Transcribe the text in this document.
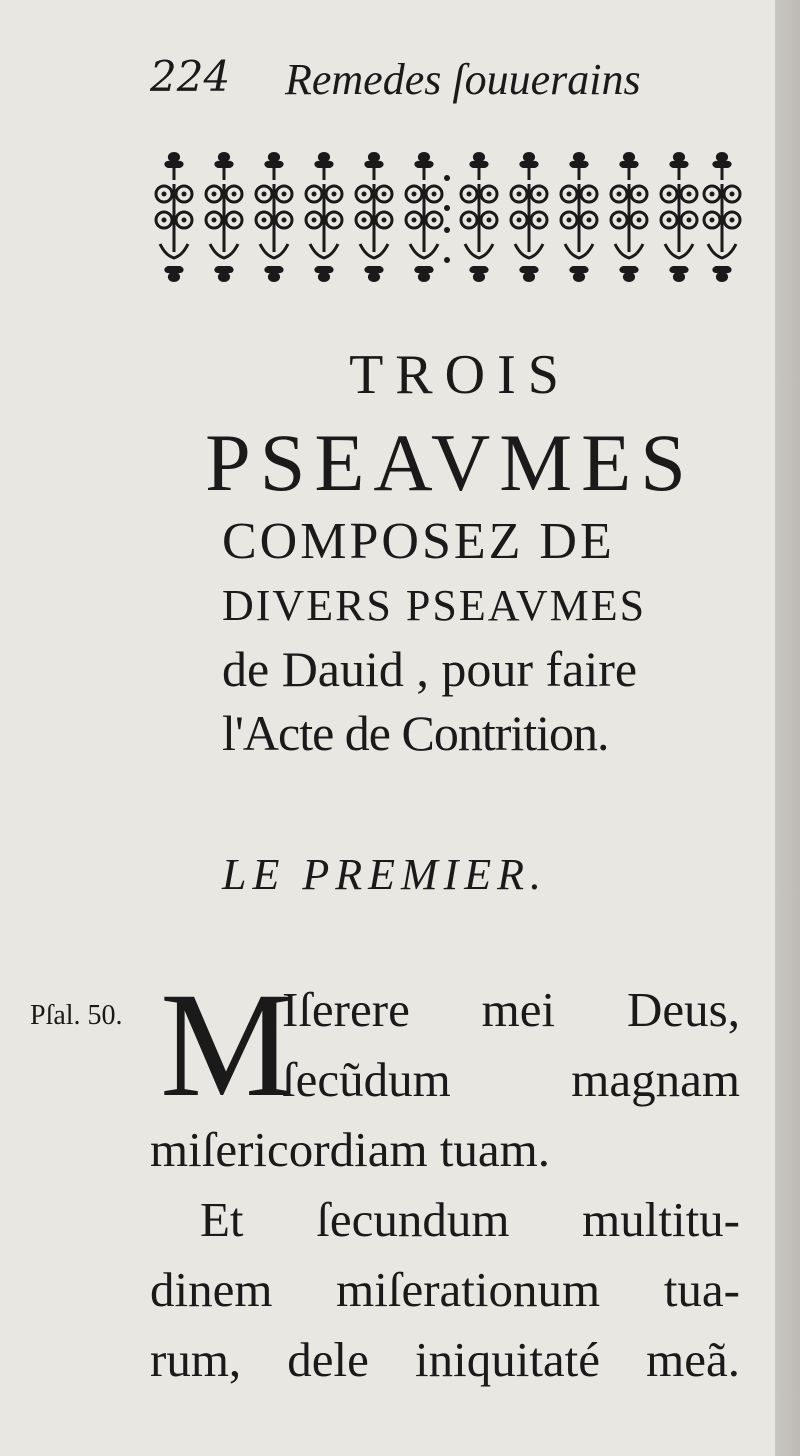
224 Remedes ſouuerains
TROIS
PSEAVMES
COMPOSEZ DE
DIVERS PSEAVMES
de Dauid , pour faire
l'Acte de Contrition.
LE PREMIER.
Pſal. 50. M
Iſerere mei Deus,
ſecũdum magnam
miſericordiam tuam.
Et ſecundum multitu-
dinem miſerationum tua-
rum, dele iniquitaté meã.
